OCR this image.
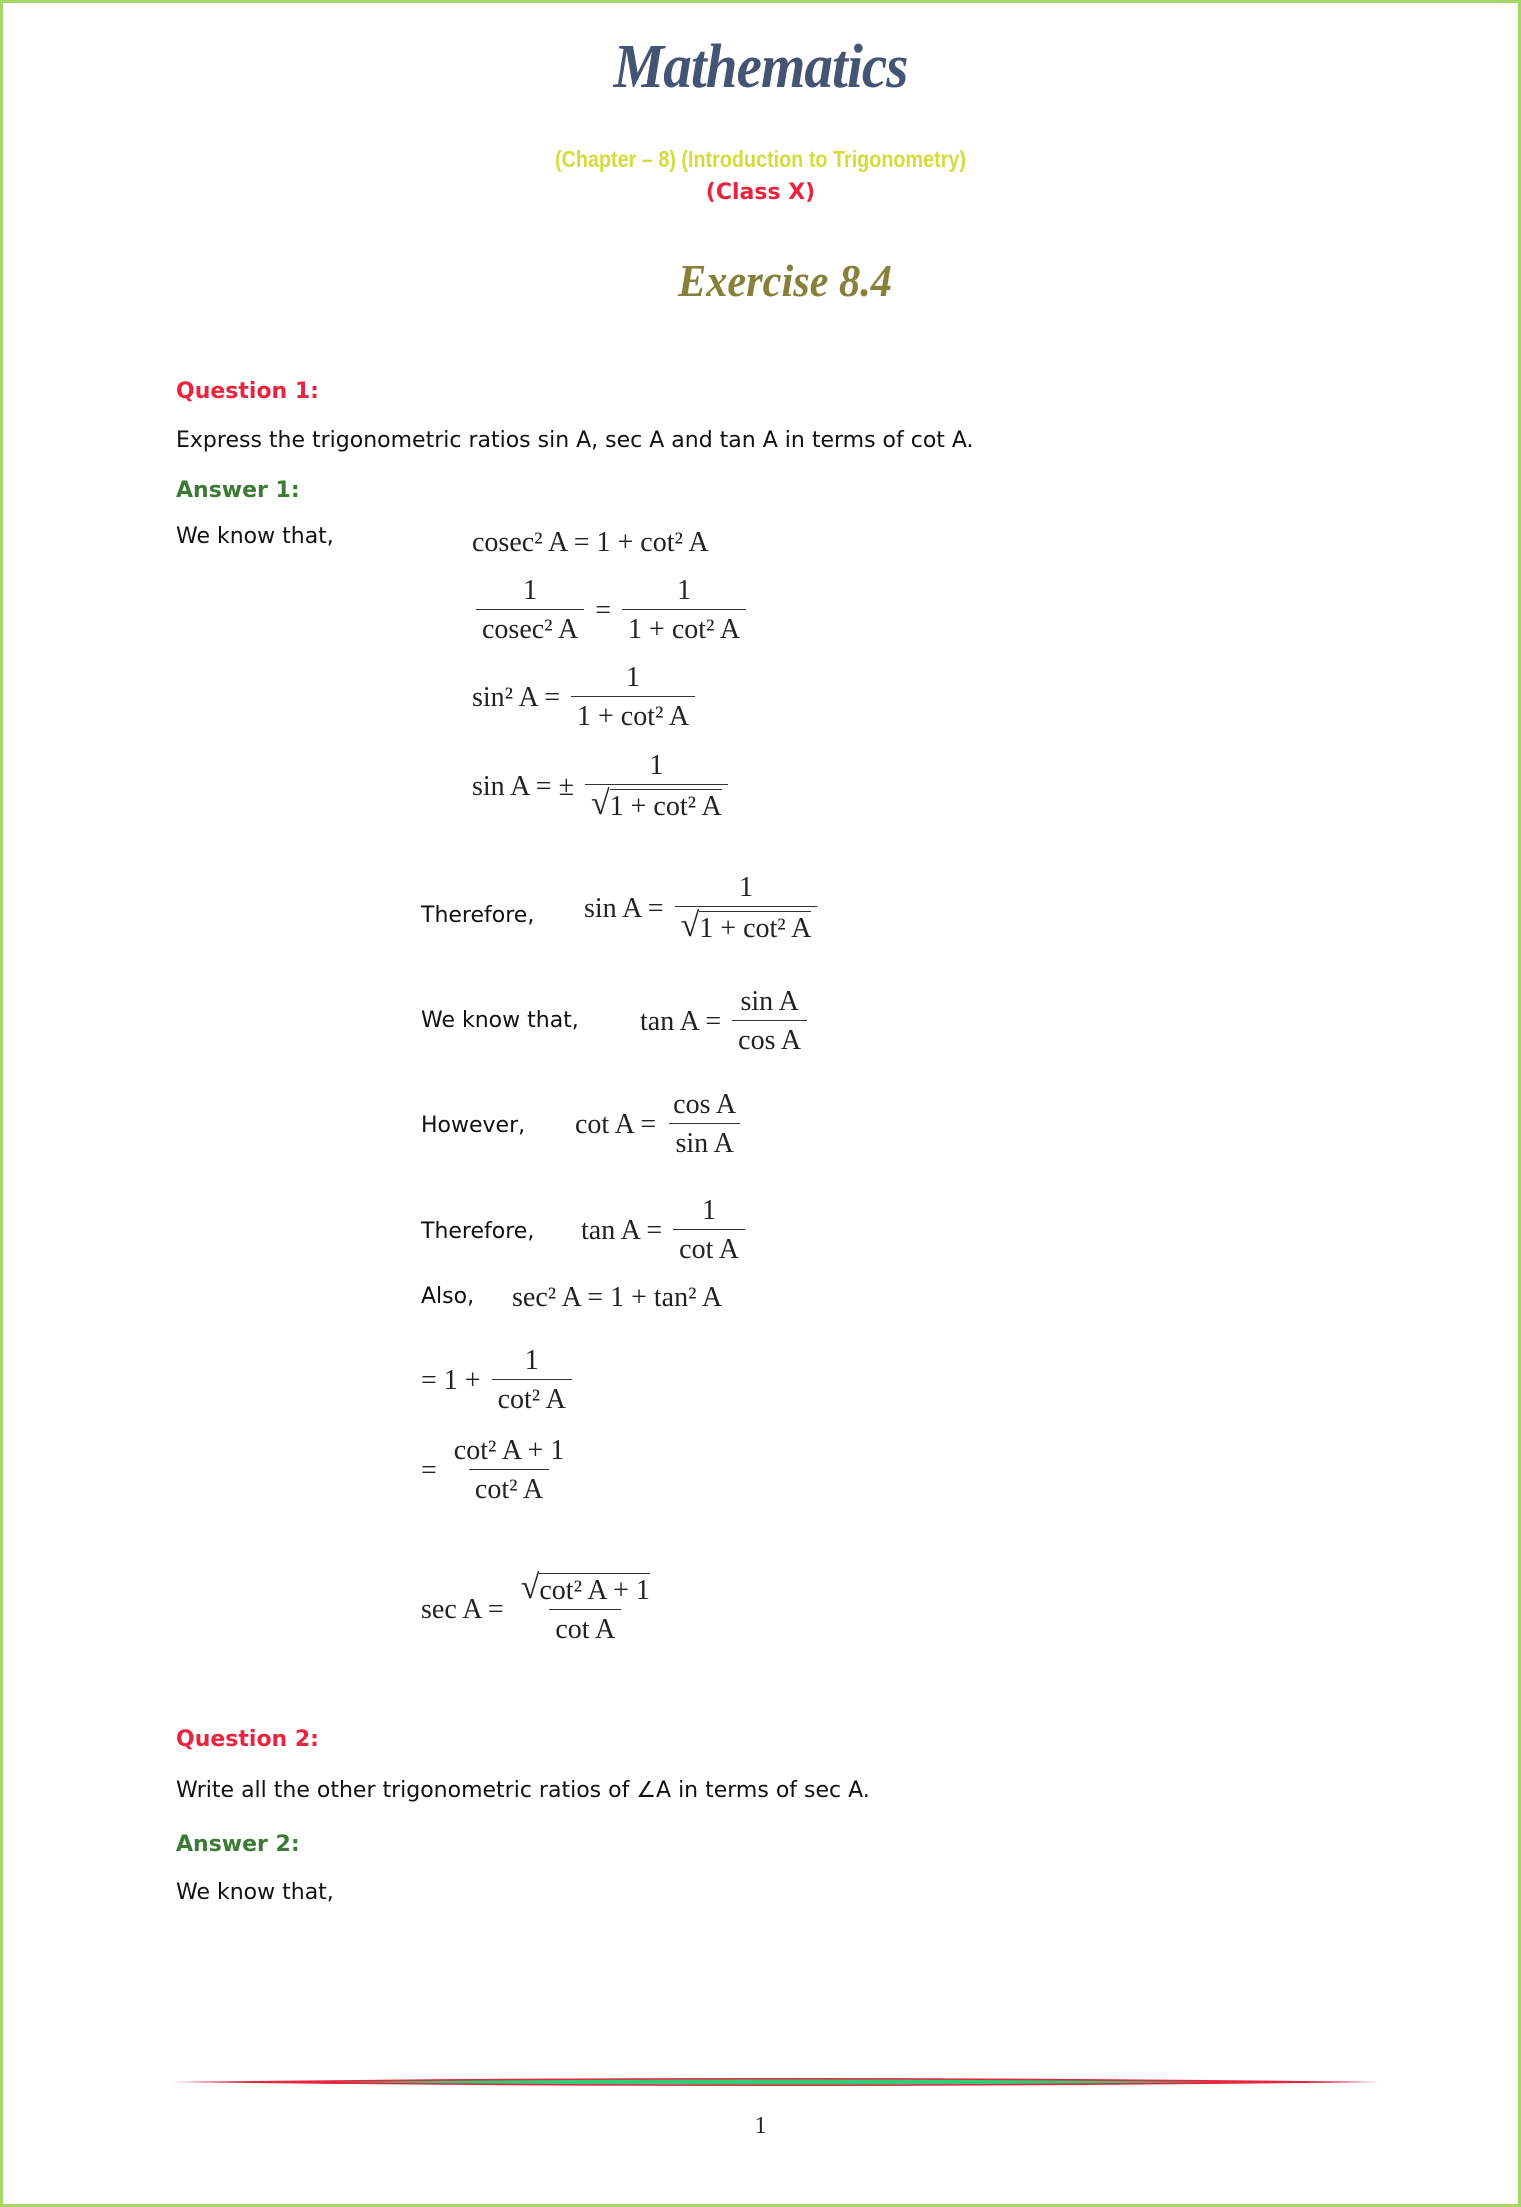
Mathematics
(Chapter – 8) (Introduction to Trigonometry)
(Class X)
Exercise 8.4
Question 1:
Express the trigonometric ratios sin A, sec A and tan A in terms of cot A.
Answer 1:
We know that,	cosec² A = 1 + cot² A
$\frac{1}{\text{cosec² A}} = \frac{1}{\text{1 + cot² A}}$
sin² $A = \frac{1}{\text{1 + cot² A}}$
sin A = ± $\frac{1}{\text{√ 1 + cot² A}}$
Therefore, $\sin A = \frac{1}{\text{√ 1 + cot² A}}$
We know that, $\tan A = \frac{\text{sin A}}{\text{cos A}}$
However, $\cot A = \frac{\text{cos A}}{\text{sin A}}$
Therefore, $\tan A = \frac{1}{\text{cot A}}$
Also, sec² A = 1 + tan² A
= $1 + \frac{1}{\text{cot² A}}$
= $\frac{\text{cot² A + 1}}{\text{cot² A}}$
$\sec A = \frac{\text{√ cot² A + 1}}{\text{cot A}}$
Question 2:
Write all the other trigonometric ratios of ∠A in terms of sec A.
Answer 2:
We know that,
1
